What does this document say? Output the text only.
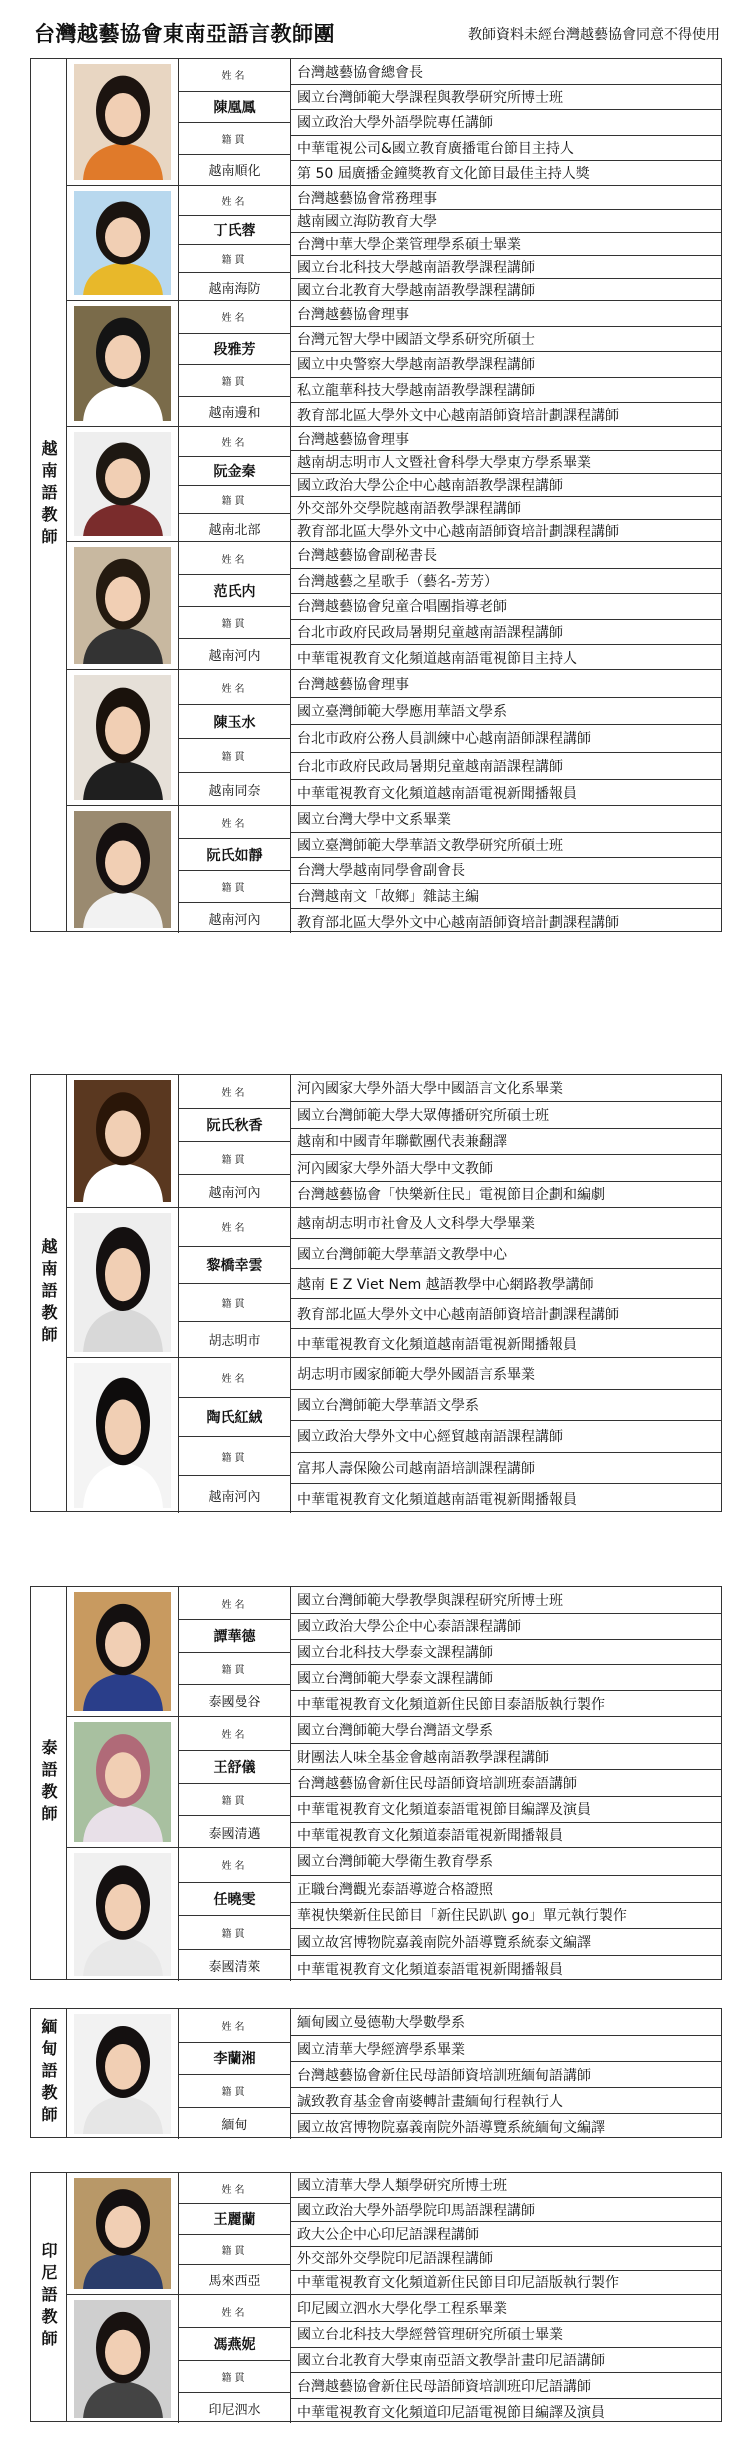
台灣越藝協會東南亞語言教師團	教師資料未經台灣越藝協會同意不得使用
越南語教師
姓名
陳凰鳳
籍貫
越南順化
台灣越藝協會總會長
國立台灣師範大學課程與教學研究所博士班
國立政治大學外語學院專任講師
中華電視公司&國立教育廣播電台節目主持人
第 50 屆廣播金鐘獎教育文化節目最佳主持人獎
姓名
丁氏蓉
籍貫
越南海防
台灣越藝協會常務理事
越南國立海防教育大學
台灣中華大學企業管理學系碩士畢業
國立台北科技大學越南語教學課程講師
國立台北教育大學越南語教學課程講師
姓名
段雅芳
籍貫
越南邊和
台灣越藝協會理事
台灣元智大學中國語文學系研究所碩士
國立中央警察大學越南語教學課程講師
私立龍華科技大學越南語教學課程講師
教育部北區大學外文中心越南語師資培計劃課程講師
姓名
阮金秦
籍貫
越南北部
台灣越藝協會理事
越南胡志明市人文暨社會科學大學東方學系畢業
國立政治大學公企中心越南語教學課程講師
外交部外交學院越南語教學課程講師
教育部北區大學外文中心越南語師資培計劃課程講師
姓名
范氏内
籍貫
越南河内
台灣越藝協會副秘書長
台灣越藝之星歌手（藝名-芳芳）
台灣越藝協會兒童合唱團指導老師
台北市政府民政局暑期兒童越南語課程講師
中華電視教育文化頻道越南語電視節目主持人
姓名
陳玉水
籍貫
越南同奈
台灣越藝協會理事
國立臺灣師範大學應用華語文學系
台北市政府公務人員訓練中心越南語師課程講師
台北市政府民政局暑期兒童越南語課程講師
中華電視教育文化頻道越南語電視新聞播報員
姓名
阮氏如靜
籍貫
越南河內
國立台灣大學中文系畢業
國立臺灣師範大學華語文教學研究所碩士班
台灣大學越南同學會副會長
台灣越南文「故鄉」雜誌主編
教育部北區大學外文中心越南語師資培計劃課程講師
越南語教師
姓名
阮氏秋香
籍貫
越南河內
河內國家大學外語大學中國語言文化系畢業
國立台灣師範大學大眾傳播研究所碩士班
越南和中國青年聯歡團代表兼翻譯
河內國家大學外語大學中文教師
台灣越藝協會「快樂新住民」電視節目企劃和編劇
姓名
黎橋幸雲
籍貫
胡志明市
越南胡志明市社會及人文科學大學畢業
國立台灣師範大學華語文教學中心
越南 E Z Viet Nem 越語教學中心網路教學講師
教育部北區大學外文中心越南語師資培計劃課程講師
中華電視教育文化頻道越南語電視新聞播報員
姓名
陶氏紅絨
籍貫
越南河內
胡志明市國家師範大學外國語言系畢業
國立台灣師範大學華語文學系
國立政治大學外文中心經貿越南語課程講師
富邦人壽保險公司越南語培訓課程講師
中華電視教育文化頻道越南語電視新聞播報員
泰語教師
姓名
譚華德
籍貫
泰國曼谷
國立台灣師範大學教學與課程研究所博士班
國立政治大學公企中心泰語課程講師
國立台北科技大學泰文課程講師
國立台灣師範大學泰文課程講師
中華電視教育文化頻道新住民節目泰語版執行製作
姓名
王舒儀
籍貫
泰國清邁
國立台灣師範大學台灣語文學系
財團法人味全基金會越南語教學課程講師
台灣越藝協會新住民母語師資培訓班泰語講師
中華電視教育文化頻道泰語電視節目編譯及演員
中華電視教育文化頻道泰語電視新聞播報員
姓名
任曉雯
籍貫
泰國清萊
國立台灣師範大學衛生教育學系
正職台灣觀光泰語導遊合格證照
華視快樂新住民節目「新住民趴趴 go」單元執行製作
國立故宮博物院嘉義南院外語導覽系統泰文編譯
中華電視教育文化頻道泰語電視新聞播報員
緬甸語教師	姓名
李蘭湘
籍貫
緬甸
緬甸國立曼德勒大學數學系
國立清華大學經濟學系畢業
台灣越藝協會新住民母語師資培訓班緬甸語講師
誠致教育基金會南婆轉計畫緬甸行程執行人
國立故宮博物院嘉義南院外語導覽系統緬甸文編譯
印尼語教師
姓名
王麗蘭
籍貫
馬來西亞
國立清華大學人類學研究所博士班
國立政治大學外語學院印馬語課程講師
政大公企中心印尼語課程講師
外交部外交學院印尼語課程講師
中華電視教育文化頻道新住民節目印尼語版執行製作
姓名
馮燕妮
籍貫
印尼泗水
印尼國立泗水大學化學工程系畢業
國立台北科技大學經營管理研究所碩士畢業
國立台北教育大學東南亞語文教學計畫印尼語講師
台灣越藝協會新住民母語師資培訓班印尼語講師
中華電視教育文化頻道印尼語電視節目編譯及演員
